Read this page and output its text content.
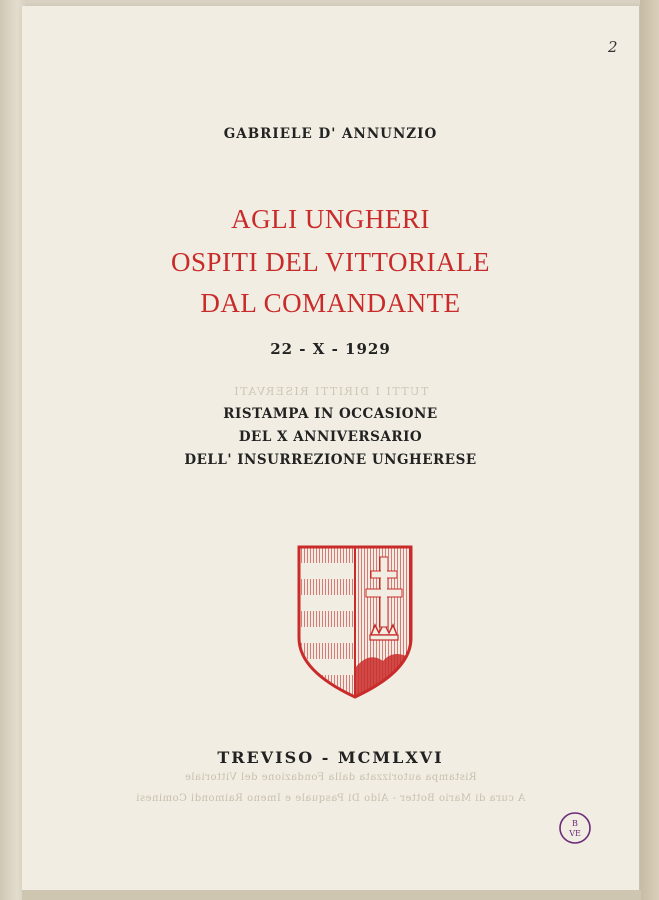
2
GABRIELE D' ANNUNZIO
AGLI UNGHERI
OSPITI DEL VITTORIALE
DAL COMANDANTE
22 - X - 1929
TUTTI I DIRITTI RISERVATI
RISTAMPA IN OCCASIONE
DEL X ANNIVERSARIO
DELL' INSURREZIONE UNGHERESE
TREVISO - MCMLXVI
Ristampa autorizzata dalla Fondazione del Vittoriale
A cura di Mario Botter - Aldo Di Pasquale e Imeno Raimondi Cominesi
B
VE
